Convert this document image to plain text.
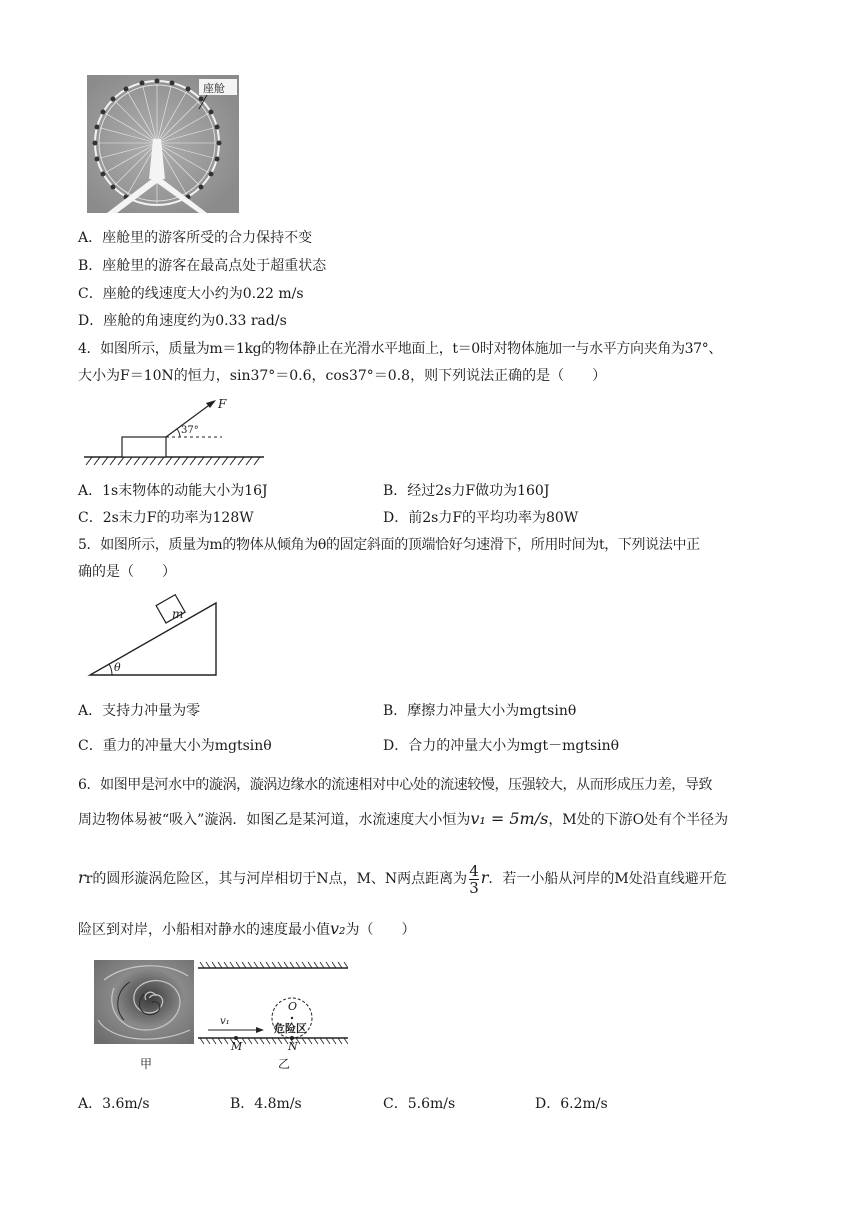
座舱
A．座舱里的游客所受的合力保持不变
B．座舱里的游客在最高点处于超重状态
C．座舱的线速度大小约为0.22 m/s
D．座舱的角速度约为0.33 rad/s
4．如图所示，质量为m＝1kg的物体静止在光滑水平地面上，t＝0时对物体施加一与水平方向夹角为37°、
大小为F＝10N的恒力，sin37°＝0.6，cos37°＝0.8，则下列说法正确的是（　　）
F
37°
A．1s末物体的动能大小为16J	B．经过2s力F做功为160J
C．2s末力F的功率为128W	D．前2s力F的平均功率为80W
5．如图所示，质量为m的物体从倾角为θ的固定斜面的顶端恰好匀速滑下，所用时间为t，下列说法中正
确的是（　　）
m
θ
A．支持力冲量为零	B．摩擦力冲量大小为mgtsinθ
C．重力的冲量大小为mgtsinθ	D．合力的冲量大小为mgt－mgtsinθ
6．如图甲是河水中的漩涡，漩涡边缘水的流速相对中心处的流速较慢，压强较大，从而形成压力差，导致
周边物体易被“吸入”漩涡．如图乙是某河道，水流速度大小恒为v₁ = 5m/s，M处的下游O处有个半径为
rr的圆形漩涡危险区，其与河岸相切于N点，M、N两点距离为 $\frac{4}{3}$ r．若一小船从河岸的M处沿直线避开危
险区到对岸，小船相对静水的速度最小值v₂为（　　）
甲
v₁
O
危险区
M	N
乙
A．3.6m/s	B．4.8m/s	C．5.6m/s	D．6.2m/s
